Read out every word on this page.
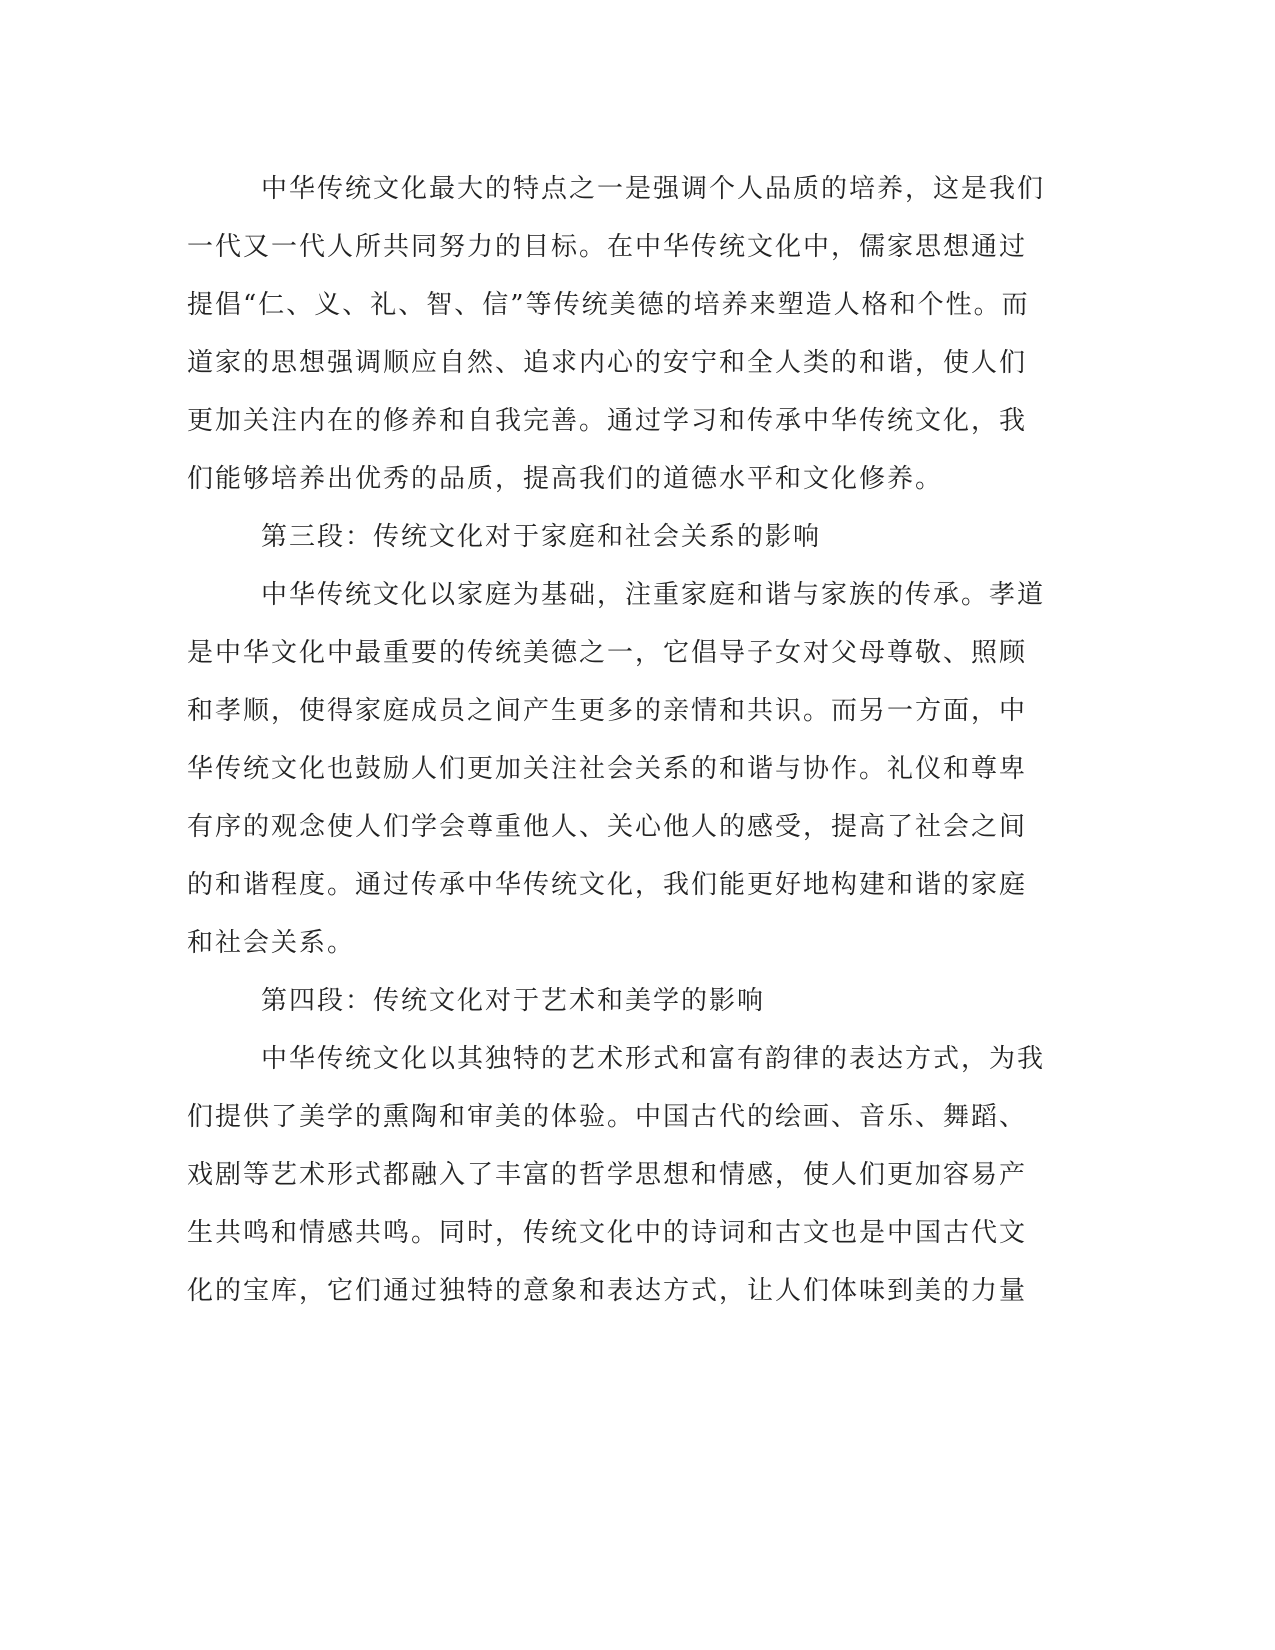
中华传统文化最大的特点之一是强调个人品质的培养，这是我们
一代又一代人所共同努力的目标。在中华传统文化中，儒家思想通过
提倡“仁、义、礼、智、信”等传统美德的培养来塑造人格和个性。而
道家的思想强调顺应自然、追求内心的安宁和全人类的和谐，使人们
更加关注内在的修养和自我完善。通过学习和传承中华传统文化，我
们能够培养出优秀的品质，提高我们的道德水平和文化修养。
第三段：传统文化对于家庭和社会关系的影响
中华传统文化以家庭为基础，注重家庭和谐与家族的传承。孝道
是中华文化中最重要的传统美德之一，它倡导子女对父母尊敬、照顾
和孝顺，使得家庭成员之间产生更多的亲情和共识。而另一方面，中
华传统文化也鼓励人们更加关注社会关系的和谐与协作。礼仪和尊卑
有序的观念使人们学会尊重他人、关心他人的感受，提高了社会之间
的和谐程度。通过传承中华传统文化，我们能更好地构建和谐的家庭
和社会关系。
第四段：传统文化对于艺术和美学的影响
中华传统文化以其独特的艺术形式和富有韵律的表达方式，为我
们提供了美学的熏陶和审美的体验。中国古代的绘画、音乐、舞蹈、
戏剧等艺术形式都融入了丰富的哲学思想和情感，使人们更加容易产
生共鸣和情感共鸣。同时，传统文化中的诗词和古文也是中国古代文
化的宝库，它们通过独特的意象和表达方式，让人们体味到美的力量
